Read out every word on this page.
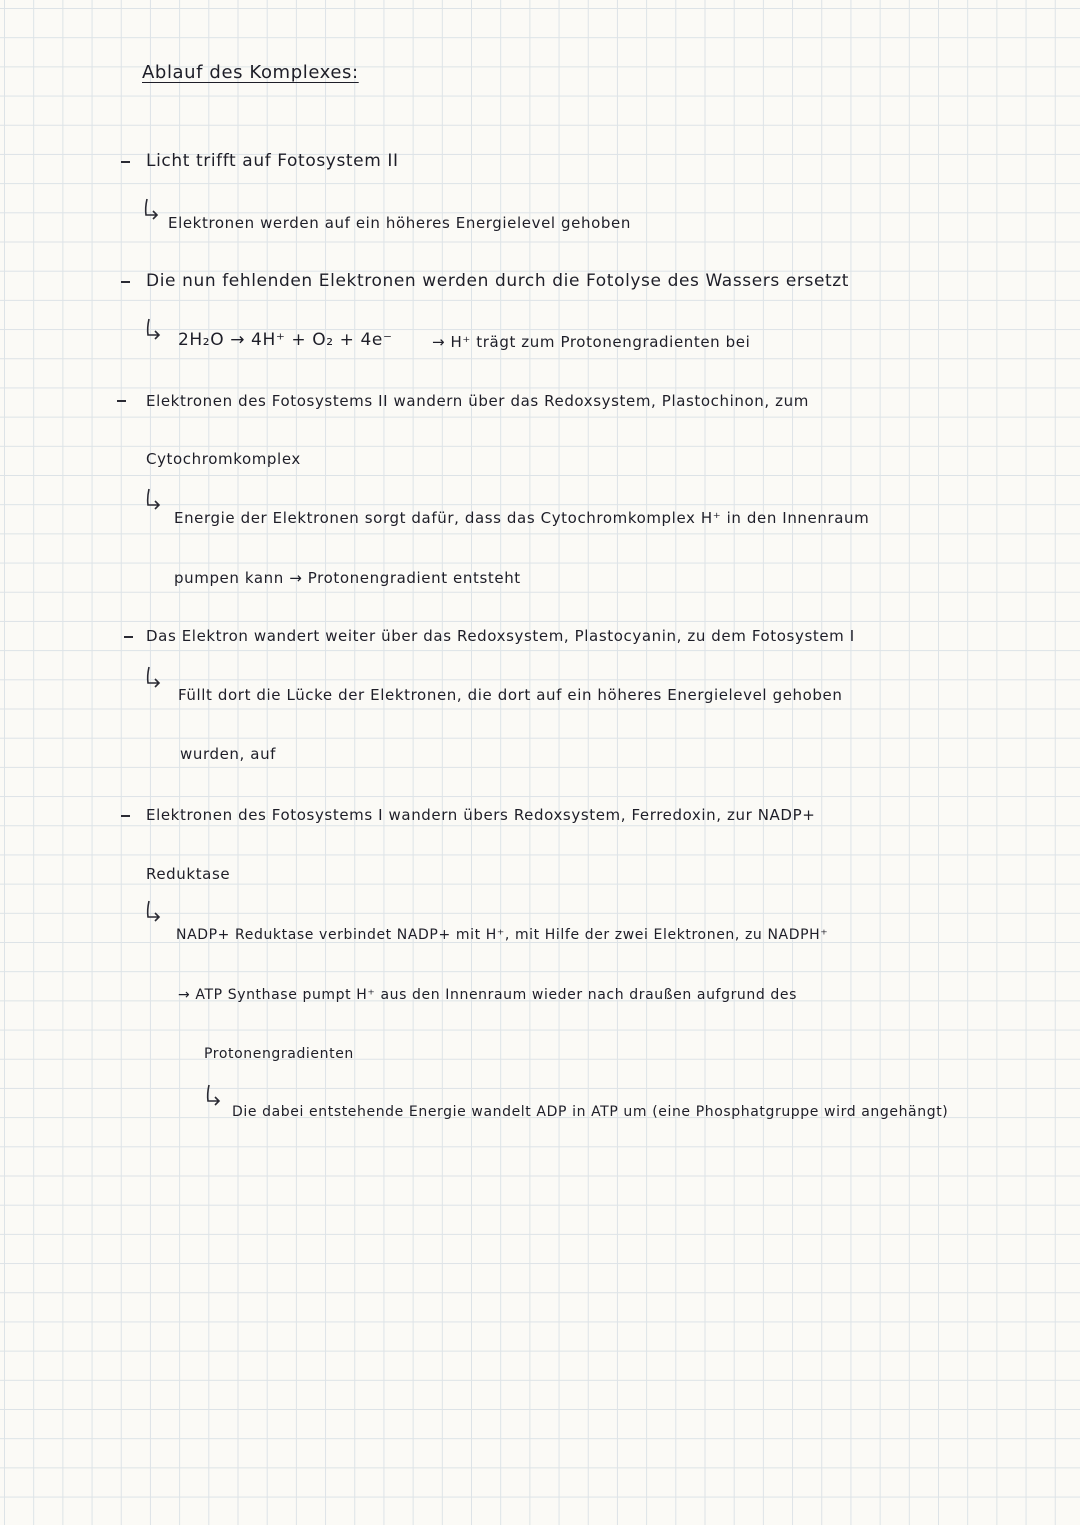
Ablauf des Komplexes:
Licht trifft auf Fotosystem II
Elektronen werden auf ein höheres Energielevel gehoben
Die nun fehlenden Elektronen werden durch die Fotolyse des Wassers ersetzt
2H₂O → 4H⁺ + O₂ + 4e⁻	→ H⁺ trägt zum Protonengradienten bei
Elektronen des Fotosystems II wandern über das Redoxsystem, Plastochinon, zum
Cytochromkomplex
Energie der Elektronen sorgt dafür, dass das Cytochromkomplex H⁺ in den Innenraum
pumpen kann → Protonengradient entsteht
Das Elektron wandert weiter über das Redoxsystem, Plastocyanin, zu dem Fotosystem I
Füllt dort die Lücke der Elektronen, die dort auf ein höheres Energielevel gehoben
wurden, auf
Elektronen des Fotosystems I wandern übers Redoxsystem, Ferredoxin, zur NADP+
Reduktase
NADP+ Reduktase verbindet NADP+ mit H⁺, mit Hilfe der zwei Elektronen, zu NADPH⁺
→ ATP Synthase pumpt H⁺ aus den Innenraum wieder nach draußen aufgrund des
Protonengradienten
Die dabei entstehende Energie wandelt ADP in ATP um (eine Phosphatgruppe wird angehängt)
